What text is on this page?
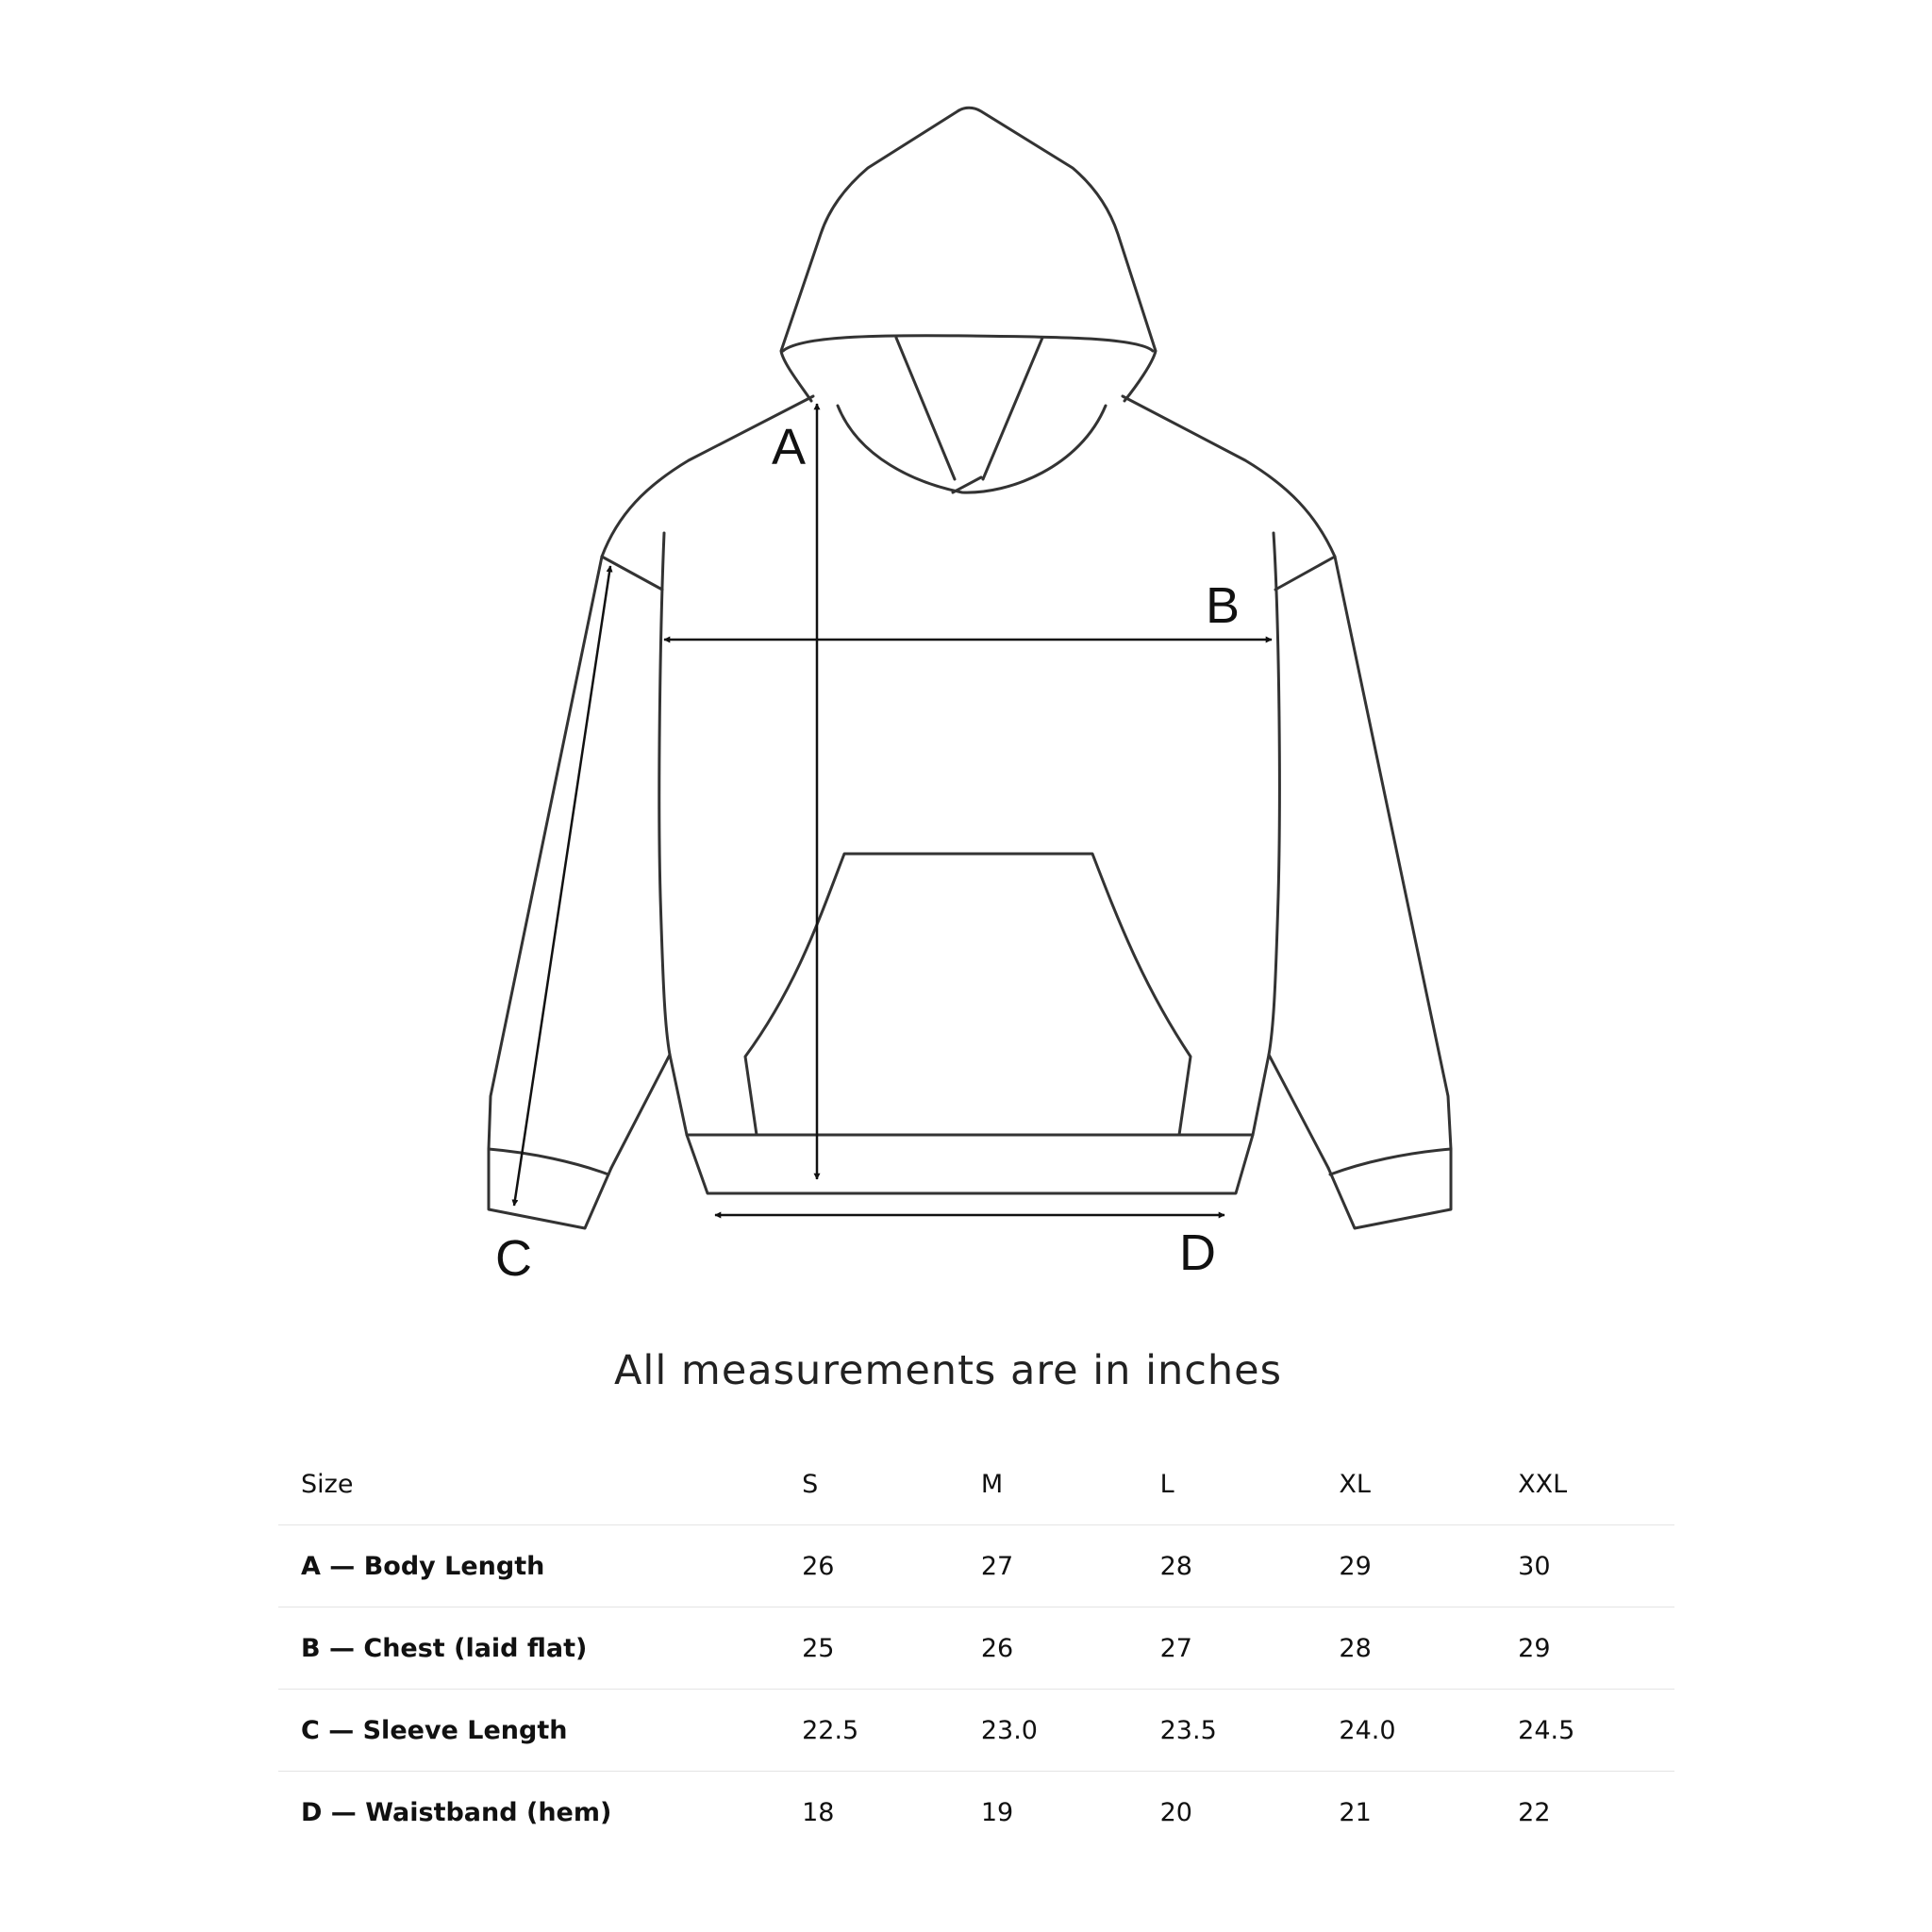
A
B
C	D
All measurements are in inches
Size	S	M	L	XL	XXL
A — Body Length	26	27	28	29	30
B — Chest (laid flat)	25	26	27	28	29
C — Sleeve Length	22.5	23.0	23.5	24.0	24.5
D — Waistband (hem)	18	19	20	21	22
